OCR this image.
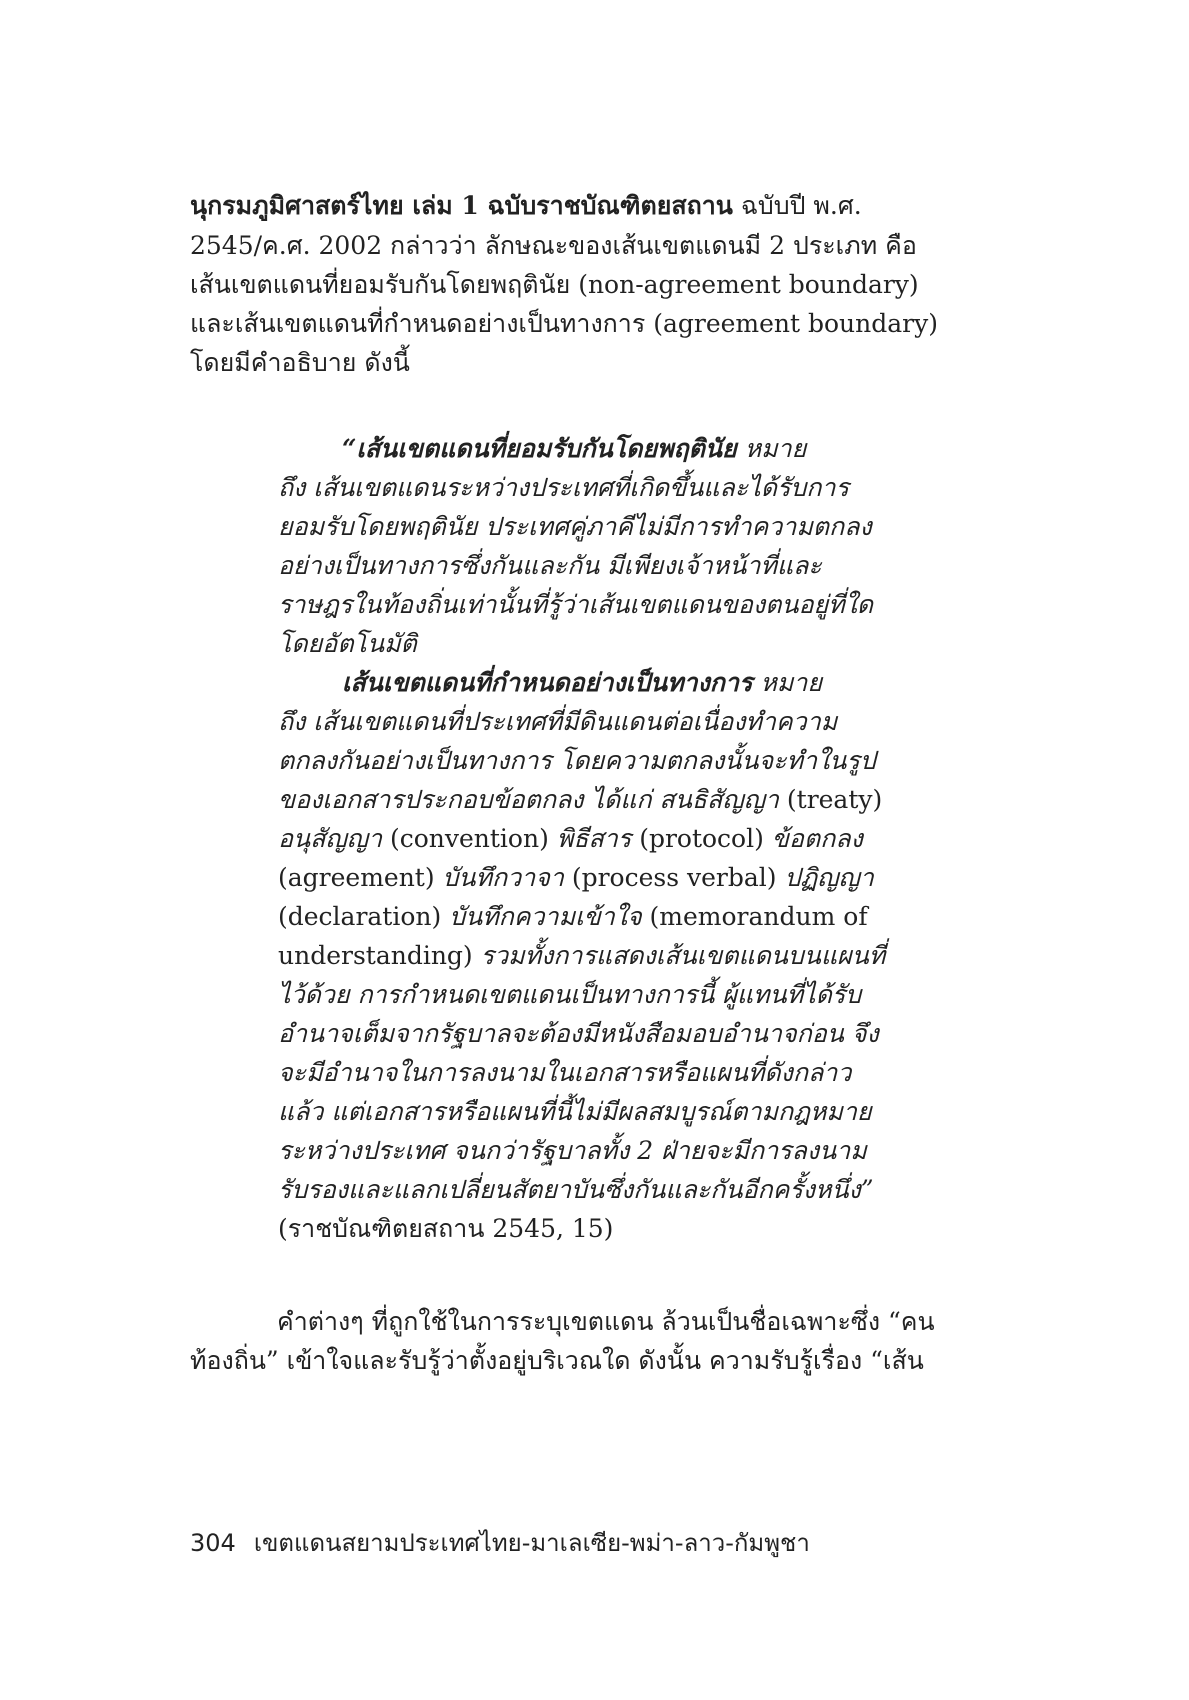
นุกรมภูมิศาสตร์ไทย เล่ม 1 ฉบับราชบัณฑิตยสถาน ฉบับปี พ.ศ.
2545/ค.ศ. 2002 กล่าวว่า ลักษณะของเส้นเขตแดนมี 2 ประเภท คือ
เส้นเขตแดนที่ยอมรับกันโดยพฤตินัย (non-agreement boundary)
และเส้นเขตแดนที่กำหนดอย่างเป็นทางการ (agreement boundary)
โดยมีคำอธิบาย ดังนี้
“เส้นเขตแดนที่ยอมรับกันโดยพฤตินัย หมาย
ถึง เส้นเขตแดนระหว่างประเทศที่เกิดขึ้นและได้รับการ
ยอมรับโดยพฤตินัย ประเทศคู่ภาคีไม่มีการทำความตกลง
อย่างเป็นทางการซึ่งกันและกัน มีเพียงเจ้าหน้าที่และ
ราษฎรในท้องถิ่นเท่านั้นที่รู้ว่าเส้นเขตแดนของตนอยู่ที่ใด
โดยอัตโนมัติ
เส้นเขตแดนที่กำหนดอย่างเป็นทางการ หมาย
ถึง เส้นเขตแดนที่ประเทศที่มีดินแดนต่อเนื่องทำความ
ตกลงกันอย่างเป็นทางการ โดยความตกลงนั้นจะทำในรูป
ของเอกสารประกอบข้อตกลง ได้แก่ สนธิสัญญา (treaty)
อนุสัญญา (convention) พิธีสาร (protocol) ข้อตกลง
(agreement) บันทึกวาจา (process verbal) ปฏิญญา
(declaration) บันทึกความเข้าใจ (memorandum of
understanding) รวมทั้งการแสดงเส้นเขตแดนบนแผนที่
ไว้ด้วย การกำหนดเขตแดนเป็นทางการนี้ ผู้แทนที่ได้รับ
อำนาจเต็มจากรัฐบาลจะต้องมีหนังสือมอบอำนาจก่อน จึง
จะมีอำนาจในการลงนามในเอกสารหรือแผนที่ดังกล่าว
แล้ว แต่เอกสารหรือแผนที่นี้ไม่มีผลสมบูรณ์ตามกฎหมาย
ระหว่างประเทศ จนกว่ารัฐบาลทั้ง 2 ฝ่ายจะมีการลงนาม
รับรองและแลกเปลี่ยนสัตยาบันซึ่งกันและกันอีกครั้งหนึ่ง”
(ราชบัณฑิตยสถาน 2545, 15)
คำต่างๆ ที่ถูกใช้ในการระบุเขตแดน ล้วนเป็นชื่อเฉพาะซึ่ง “คน
ท้องถิ่น” เข้าใจและรับรู้ว่าตั้งอยู่บริเวณใด ดังนั้น ความรับรู้เรื่อง “เส้น
304 เขตแดนสยามประเทศไทย-มาเลเซีย-พม่า-ลาว-กัมพูชา
